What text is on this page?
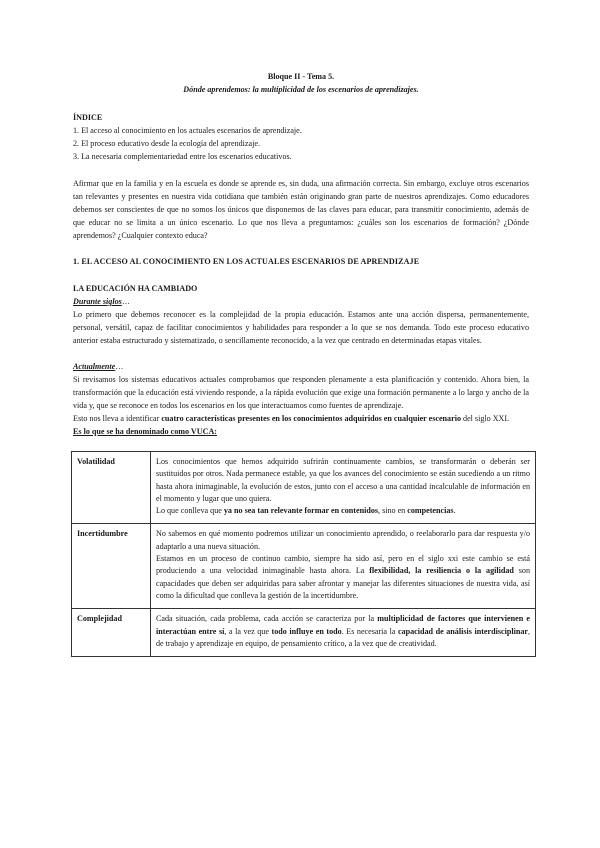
Bloque II - Tema 5.
Dónde aprendemos: la multiplicidad de los escenarios de aprendizajes.
ÍNDICE
1. El acceso al conocimiento en los actuales escenarios de aprendizaje.
2. El proceso educativo desde la ecología del aprendizaje.
3. La necesaria complementariedad entre los escenarios educativos.

Afirmar que en la familia y en la escuela es donde se aprende es, sin duda, una afirmación correcta. Sin embargo, excluye otros escenarios tan relevantes y presentes en nuestra vida cotidiana que también están originando gran parte de nuestros aprendizajes. Como educadores debemos ser conscientes de que no somos los únicos que disponemos de las claves para educar, para transmitir conocimiento, además de que educar no se limita a un único escenario. Lo que nos lleva a preguntarnos: ¿cuáles son los escenarios de formación? ¿Dónde aprendemos? ¿Cualquier contexto educa?

1. EL ACCESO AL CONOCIMIENTO EN LOS ACTUALES ESCENARIOS DE APRENDIZAJE
LA EDUCACIÓN HA CAMBIADO
Durante siglos…

Lo primero que debemos reconocer es la complejidad de la propia educación. Estamos ante una acción dispersa, permanentemente, personal, versátil, capaz de facilitar conocimientos y habilidades para responder a lo que se nos demanda. Todo este proceso educativo anterior estaba estructurado y sistematizado, o sencillamente reconocido, a la vez que centrado en determinadas etapas vitales.

Actualmente…

Si revisamos los sistemas educativos actuales comprobamos que responden plenamente a esta planificación y contenido. Ahora bien, la transformación que la educación está viviendo responde, a la rápida evolución que exige una formación permanente a lo largo y ancho de la vida y, que se reconoce en todos los escenarios en los que interactuamos como fuentes de aprendizaje.

Esto nos lleva a identificar cuatro características presentes en los conocimientos adquiridos en cualquier escenario del siglo XXI.

Es lo que se ha denominado como VUCA:
Volatilidad	Los conocimientos que hemos adquirido sufrirán continuamente cambios, se transformarán o deberán ser sustituidos por otros. Nada permanece estable, ya que los avances del conocimiento se están sucediendo a un ritmo hasta ahora inimaginable, la evolución de estos, junto con el acceso a una cantidad incalculable de información en el momento y lugar que uno quiera.

Lo que conlleva que ya no sea tan relevante formar en contenidos, sino en competencias.

Incertidumbre	No sabemos en qué momento podremos utilizar un conocimiento aprendido, o reelaborarlo para dar respuesta y/o adaptarlo a una nueva situación.

Estamos en un proceso de continuo cambio, siempre ha sido así, pero en el siglo xxi este cambio se está produciendo a una velocidad inimaginable hasta ahora. La flexibilidad, la resiliencia o la agilidad son capacidades que deben ser adquiridas para saber afrontar y manejar las diferentes situaciones de nuestra vida, así como la dificultad que conlleva la gestión de la incertidumbre.

Complejidad	Cada situación, cada problema, cada acción se caracteriza por la multiplicidad de factores que intervienen e interactúan entre sí, a la vez que todo influye en todo. Es necesaria la capacidad de análisis interdisciplinar, de trabajo y aprendizaje en equipo, de pensamiento crítico, a la vez que de creatividad.
